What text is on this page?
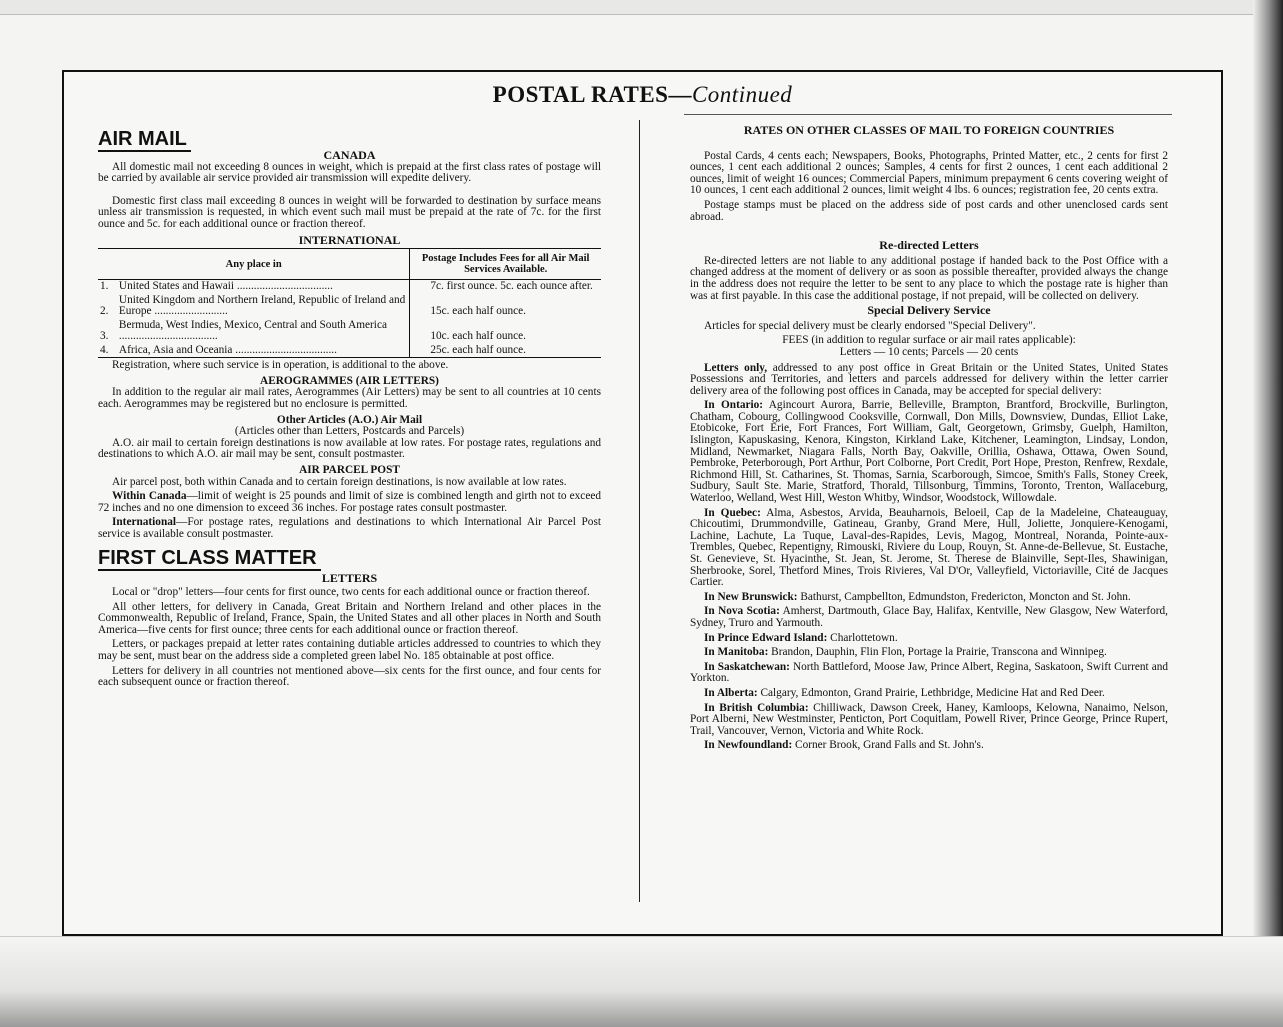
POSTAL RATES—Continued
AIR MAIL
CANADA

All domestic mail not exceeding 8 ounces in weight, which is prepaid at the first class rates of postage will be carried by available air service provided air transmission will expedite delivery.

Domestic first class mail exceeding 8 ounces in weight will be forwarded to destination by surface means unless air transmission is requested, in which event such mail must be prepaid at the rate of 7c. for the first ounce and 5c. for each additional ounce or fraction thereof.

INTERNATIONAL
Any place in		Postage Includes Fees for all Air Mail Services Available.
1.	United States and Hawaii ..................................	7c. first ounce. 5c. each ounce after.
2.	United Kingdom and Northern Ireland, Republic of Ireland and Europe ..........................	15c. each half ounce.
3.	Bermuda, West Indies, Mexico, Central and South America ...................................	10c. each half ounce.
4.	Africa, Asia and Oceania ....................................	25c. each half ounce.

Registration, where such service is in operation, is additional to the above.

AEROGRAMMES (AIR LETTERS)

In addition to the regular air mail rates, Aerogrammes (Air Letters) may be sent to all countries at 10 cents each. Aerogrammes may be registered but no enclosure is permitted.

Other Articles (A.O.) Air Mail
(Articles other than Letters, Postcards and Parcels)

A.O. air mail to certain foreign destinations is now available at low rates. For postage rates, regulations and destinations to which A.O. air mail may be sent, consult postmaster.

AIR PARCEL POST

Air parcel post, both within Canada and to certain foreign destinations, is now available at low rates.

Within Canada—limit of weight is 25 pounds and limit of size is combined length and girth not to exceed 72 inches and no one dimension to exceed 36 inches. For postage rates consult postmaster.

International—For postage rates, regulations and destinations to which International Air Parcel Post service is available consult postmaster.

FIRST CLASS MATTER
LETTERS

Local or "drop" letters—four cents for first ounce, two cents for each additional ounce or fraction thereof.

All other letters, for delivery in Canada, Great Britain and Northern Ireland and other places in the Commonwealth, Republic of Ireland, France, Spain, the United States and all other places in North and South America—five cents for first ounce; three cents for each additional ounce or fraction thereof.

Letters, or packages prepaid at letter rates containing dutiable articles addressed to countries to which they may be sent, must bear on the address side a completed green label No. 185 obtainable at post office.

Letters for delivery in all countries not mentioned above—six cents for the first ounce, and four cents for each subsequent ounce or fraction thereof.

RATES ON OTHER CLASSES OF MAIL TO FOREIGN COUNTRIES

Postal Cards, 4 cents each; Newspapers, Books, Photographs, Printed Matter, etc., 2 cents for first 2 ounces, 1 cent each additional 2 ounces; Samples, 4 cents for first 2 ounces, 1 cent each additional 2 ounces, limit of weight 16 ounces; Commercial Papers, minimum prepayment 6 cents covering weight of 10 ounces, 1 cent each additional 2 ounces, limit weight 4 lbs. 6 ounces; registration fee, 20 cents extra.

Postage stamps must be placed on the address side of post cards and other unenclosed cards sent abroad.

Re-directed Letters

Re-directed letters are not liable to any additional postage if handed back to the Post Office with a changed address at the moment of delivery or as soon as possible thereafter, provided always the change in the address does not require the letter to be sent to any place to which the postage rate is higher than was at first payable. In this case the additional postage, if not prepaid, will be collected on delivery.

Special Delivery Service

Articles for special delivery must be clearly endorsed "Special Delivery".

FEES (in addition to regular surface or air mail rates applicable):
Letters — 10 cents; Parcels — 20 cents

Letters only, addressed to any post office in Great Britain or the United States, United States Possessions and Territories, and letters and parcels addressed for delivery within the letter carrier delivery area of the following post offices in Canada, may be accepted for special delivery:

In Ontario: Agincourt Aurora, Barrie, Belleville, Brampton, Brantford, Brockville, Burlington, Chatham, Cobourg, Collingwood Cooksville, Cornwall, Don Mills, Downsview, Dundas, Elliot Lake, Etobicoke, Fort Erie, Fort Frances, Fort William, Galt, Georgetown, Grimsby, Guelph, Hamilton, Islington, Kapuskasing, Kenora, Kingston, Kirkland Lake, Kitchener, Leamington, Lindsay, London, Midland, Newmarket, Niagara Falls, North Bay, Oakville, Orillia, Oshawa, Ottawa, Owen Sound, Pembroke, Peterborough, Port Arthur, Port Colborne, Port Credit, Port Hope, Preston, Renfrew, Rexdale, Richmond Hill, St. Catharines, St. Thomas, Sarnia, Scarborough, Simcoe, Smith's Falls, Stoney Creek, Sudbury, Sault Ste. Marie, Stratford, Thorald, Tillsonburg, Timmins, Toronto, Trenton, Wallaceburg, Waterloo, Welland, West Hill, Weston Whitby, Windsor, Woodstock, Willowdale.

In Quebec: Alma, Asbestos, Arvida, Beauharnois, Beloeil, Cap de la Madeleine, Chateauguay, Chicoutimi, Drummondville, Gatineau, Granby, Grand Mere, Hull, Joliette, Jonquiere-Kenogami, Lachine, Lachute, La Tuque, Laval-des-Rapides, Levis, Magog, Montreal, Noranda, Pointe-aux-Trembles, Quebec, Repentigny, Rimouski, Riviere du Loup, Rouyn, St. Anne-de-Bellevue, St. Eustache, St. Genevieve, St. Hyacinthe, St. Jean, St. Jerome, St. Therese de Blainville, Sept-Iles, Shawinigan, Sherbrooke, Sorel, Thetford Mines, Trois Rivieres, Val D'Or, Valleyfield, Victoriaville, Cité de Jacques Cartier.

In New Brunswick: Bathurst, Campbellton, Edmundston, Fredericton, Moncton and St. John.

In Nova Scotia: Amherst, Dartmouth, Glace Bay, Halifax, Kentville, New Glasgow, New Waterford, Sydney, Truro and Yarmouth.

In Prince Edward Island: Charlottetown.

In Manitoba: Brandon, Dauphin, Flin Flon, Portage la Prairie, Transcona and Winnipeg.

In Saskatchewan: North Battleford, Moose Jaw, Prince Albert, Regina, Saskatoon, Swift Current and Yorkton.

In Alberta: Calgary, Edmonton, Grand Prairie, Lethbridge, Medicine Hat and Red Deer.

In British Columbia: Chilliwack, Dawson Creek, Haney, Kamloops, Kelowna, Nanaimo, Nelson, Port Alberni, New Westminster, Penticton, Port Coquitlam, Powell River, Prince George, Prince Rupert, Trail, Vancouver, Vernon, Victoria and White Rock.

In Newfoundland: Corner Brook, Grand Falls and St. John's.
